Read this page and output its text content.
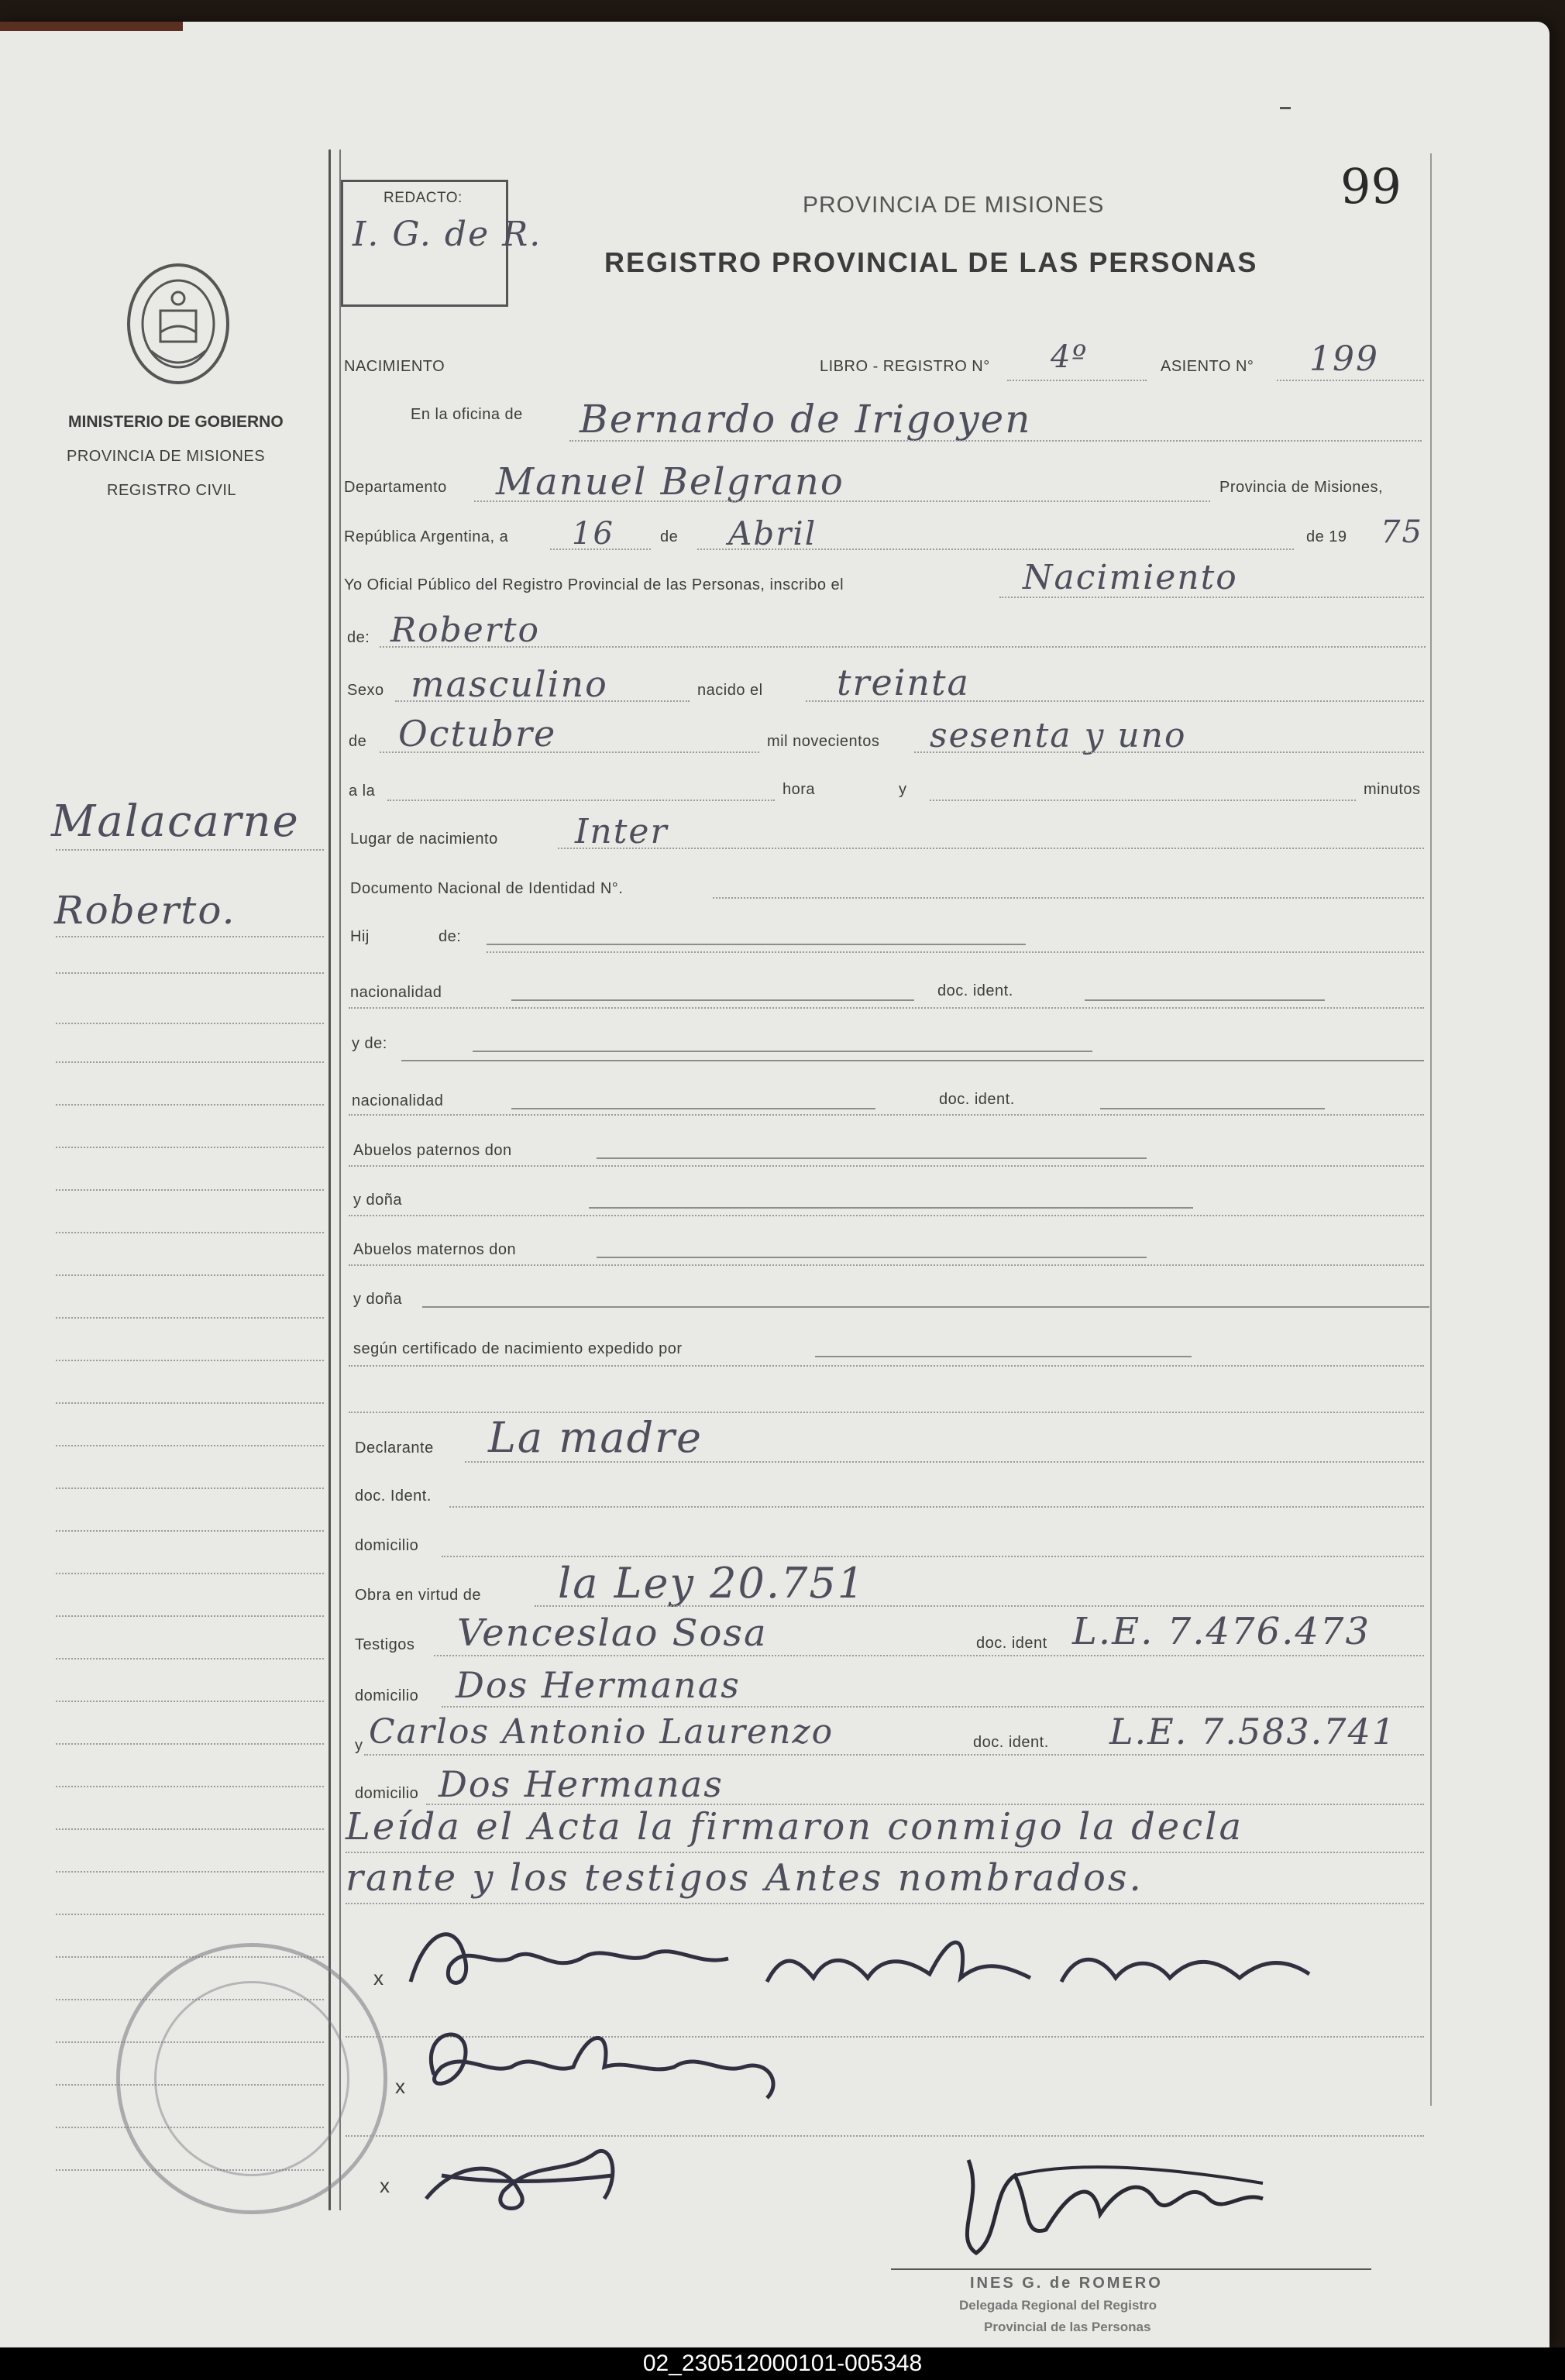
REDACTO:
I. G. de R.
99
PROVINCIA DE MISIONES
REGISTRO PROVINCIAL DE LAS PERSONAS
MINISTERIO DE GOBIERNO
PROVINCIA DE MISIONES
REGISTRO CIVIL
Malacarne
Roberto.
NACIMIENTO	LIBRO - REGISTRO N° 4º	ASIENTO N° 199
En la oficina de Bernardo de Irigoyen
Departamento Manuel Belgrano	Provincia de Misiones,
República Argentina, a 16	de Abril	de 19 75
Yo Oficial Público del Registro Provincial de las Personas, inscribo el	Nacimiento
de: Roberto
Sexo masculino	nacido el treinta
de Octubre	mil novecientos sesenta y uno
a la	hora	y	minutos
Lugar de nacimiento Inter
Documento Nacional de Identidad N°.
Hij	de:
nacionalidad	doc. ident.
y de:
nacionalidad	doc. ident.
Abuelos paternos don
y doña
Abuelos maternos don
y doña
según certificado de nacimiento expedido por
Declarante La madre
doc. Ident.
domicilio
Obra en virtud de la Ley 20.751
Testigos Venceslao Sosa	doc. ident L.E. 7.476.473
domicilio Dos Hermanas
y Carlos Antonio Laurenzo	doc. ident. L.E. 7.583.741
domicilio Dos Hermanas
Leída el Acta la firmaron conmigo la decla
rante y los testigos Antes nombrados.
x
x
x
INES G. de ROMERO
Delegada Regional del Registro
Provincial de las Personas
02_230512000101-005348
